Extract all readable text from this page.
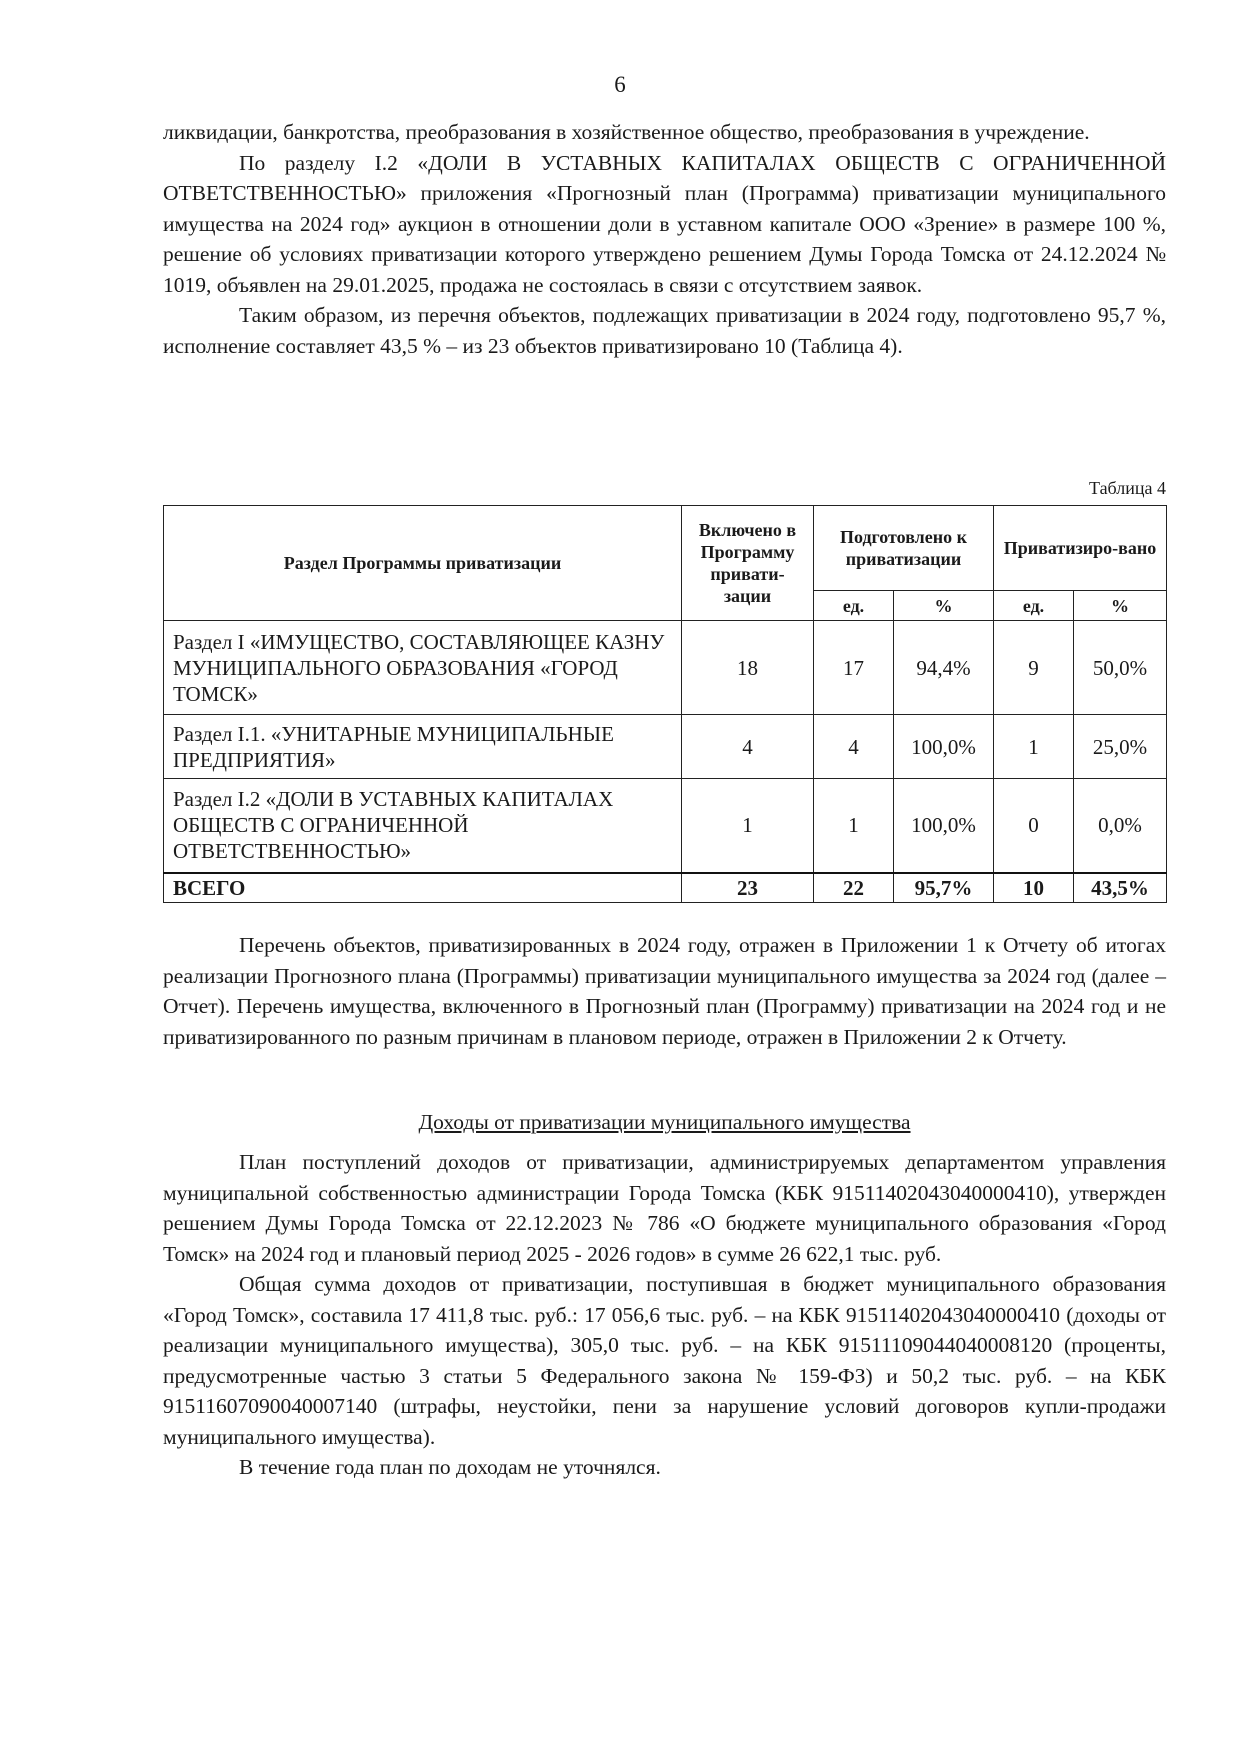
6

ликвидации, банкротства, преобразования в хозяйственное общество, преобразования в учреждение.

По разделу I.2 «ДОЛИ В УСТАВНЫХ КАПИТАЛАХ ОБЩЕСТВ С ОГРАНИЧЕННОЙ ОТВЕТСТВЕННОСТЬЮ» приложения «Прогнозный план (Программа) приватизации муниципального имущества на 2024 год» аукцион в отношении доли в уставном капитале ООО «Зрение» в размере 100 %, решение об условиях приватизации которого утверждено решением Думы Города Томска от 24.12.2024 № 1019, объявлен на 29.01.2025, продажа не состоялась в связи с отсутствием заявок.

Таким образом, из перечня объектов, подлежащих приватизации в 2024 году, подготовлено 95,7 %, исполнение составляет 43,5 % – из 23 объектов приватизировано 10 (Таблица 4).

Таблица 4
Раздел Программы приватизации	Включено в Программу привати-зации	Подготовлено к приватизации		Приватизиро-вано	
		ед.	%	ед.	%
Раздел I «ИМУЩЕСТВО, СОСТАВЛЯЮЩЕЕ КАЗНУ МУНИЦИПАЛЬНОГО ОБРАЗОВАНИЯ «ГОРОД ТОМСК»	18	17	94,4%	9	50,0%
Раздел I.1. «УНИТАРНЫЕ МУНИЦИПАЛЬНЫЕ ПРЕДПРИЯТИЯ»	4	4	100,0%	1	25,0%
Раздел I.2 «ДОЛИ В УСТАВНЫХ КАПИТАЛАХ ОБЩЕСТВ С ОГРАНИЧЕННОЙ ОТВЕТСТВЕННОСТЬЮ»	1	1	100,0%	0	0,0%
ВСЕГО	23	22	95,7%	10	43,5%

Перечень объектов, приватизированных в 2024 году, отражен в Приложении 1 к Отчету об итогах реализации Прогнозного плана (Программы) приватизации муниципального имущества за 2024 год (далее – Отчет). Перечень имущества, включенного в Прогнозный план (Программу) приватизации на 2024 год и не приватизированного по разным причинам в плановом периоде, отражен в Приложении 2 к Отчету.

Доходы от приватизации муниципального имущества

План поступлений доходов от приватизации, администрируемых департаментом управления муниципальной собственностью администрации Города Томска (КБК 91511402043040000410), утвержден решением Думы Города Томска от 22.12.2023 № 786 «О бюджете муниципального образования «Город Томск» на 2024 год и плановый период 2025 - 2026 годов» в сумме 26 622,1 тыс. руб.

Общая сумма доходов от приватизации, поступившая в бюджет муниципального образования «Город Томск», составила 17 411,8 тыс. руб.: 17 056,6 тыс. руб. – на КБК 91511402043040000410 (доходы от реализации муниципального имущества), 305,0 тыс. руб. – на КБК 91511109044040008120 (проценты, предусмотренные частью 3 статьи 5 Федерального закона № 159-ФЗ) и 50,2 тыс. руб. – на КБК 91511607090040007140 (штрафы, неустойки, пени за нарушение условий договоров купли-продажи муниципального имущества).

В течение года план по доходам не уточнялся.
